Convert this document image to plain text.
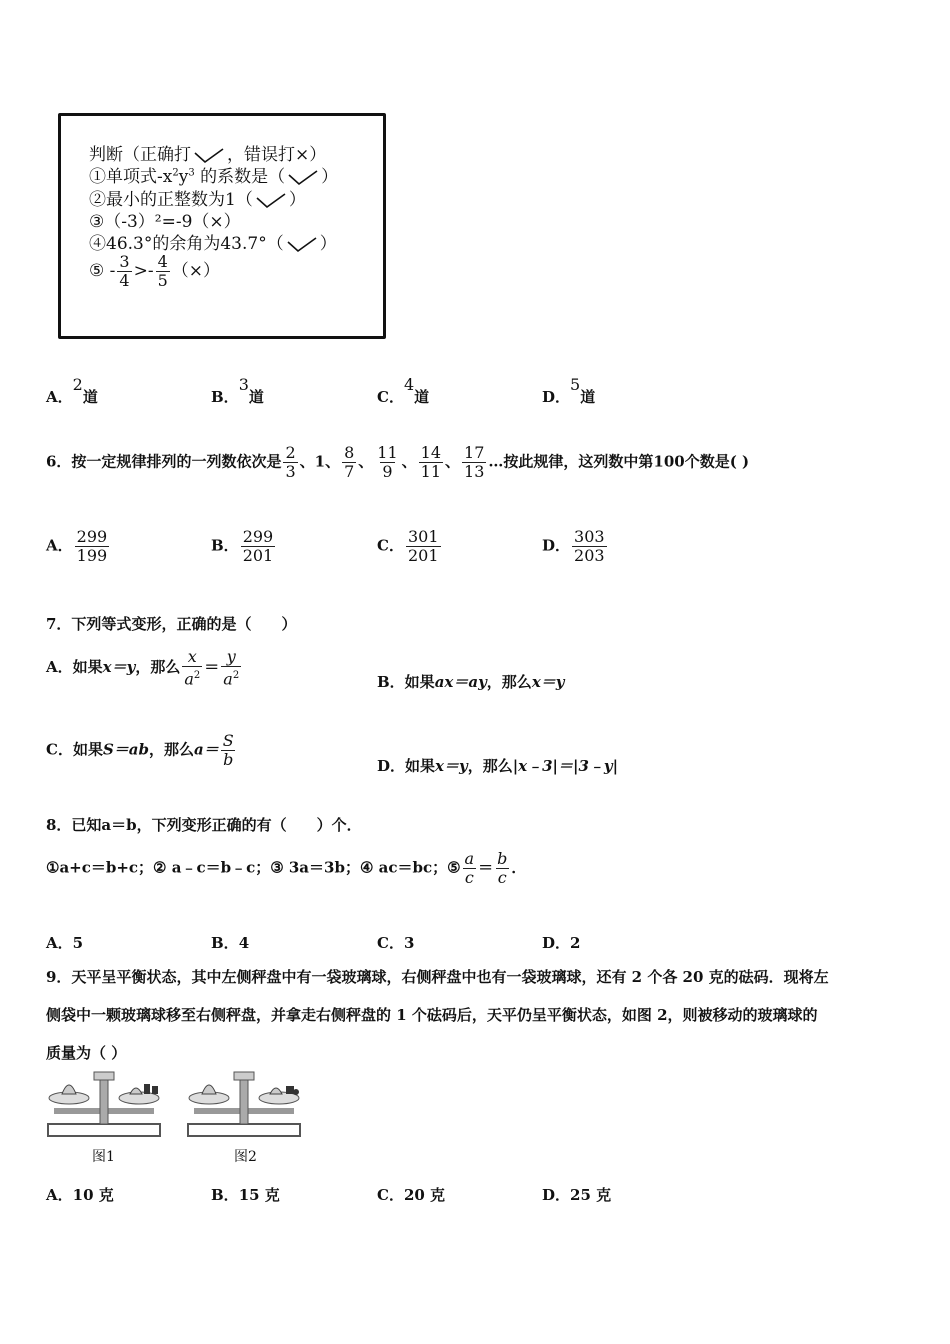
判断（正确打 ，错误打×）
①单项式$-x^2y^3$ 的系数是（ ）
②最小的正整数为1（ ）
③（-3）²=-9（×）
④46.3°的余角为43.7°（ ）
⑤ - $\frac{3}{4} >- \frac{4}{5}$ （×）
A．2道	B．3道	C．4道	D．5道
6．按一定规律排列的一列数依次是 $\frac{2}{3}$ 、1、 $\frac{8}{7}$ 、 $\frac{11}{9}$ 、 $\frac{14}{11}$ 、 $\frac{17}{13}$ …按此规律，这列数中第100个数是( )
A． $\frac{299}{199}$	B． $\frac{299}{201}$	C． $\frac{301}{201}$	D． $\frac{303}{203}$
7．下列等式变形，正确的是（　　）
A．如果x＝y，那么 $\frac{x}{a^2} = \frac{y}{a^2}$	B．如果ax＝ay，那么x＝y
C．如果S＝ab，那么$a= \frac{S}{b}$	D．如果x＝y，那么|x﹣3|＝|3﹣y|
8．已知a＝b，下列变形正确的有（　　）个．
①a+c＝b+c；② a﹣c＝b﹣c；③ 3a＝3b；④ ac＝bc；⑤ $\frac{a}{c} = \frac{b}{c}$ ．
A．5	B．4	C．3	D．2
9．天平呈平衡状态，其中左侧秤盘中有一袋玻璃球，右侧秤盘中也有一袋玻璃球，还有 2 个各 20 克的砝码．现将左
侧袋中一颗玻璃球移至右侧秤盘，并拿走右侧秤盘的 1 个砝码后，天平仍呈平衡状态，如图 2，则被移动的玻璃球的
质量为（ ）
图1	图2
A．10 克	B．15 克	C．20 克	D．25 克
